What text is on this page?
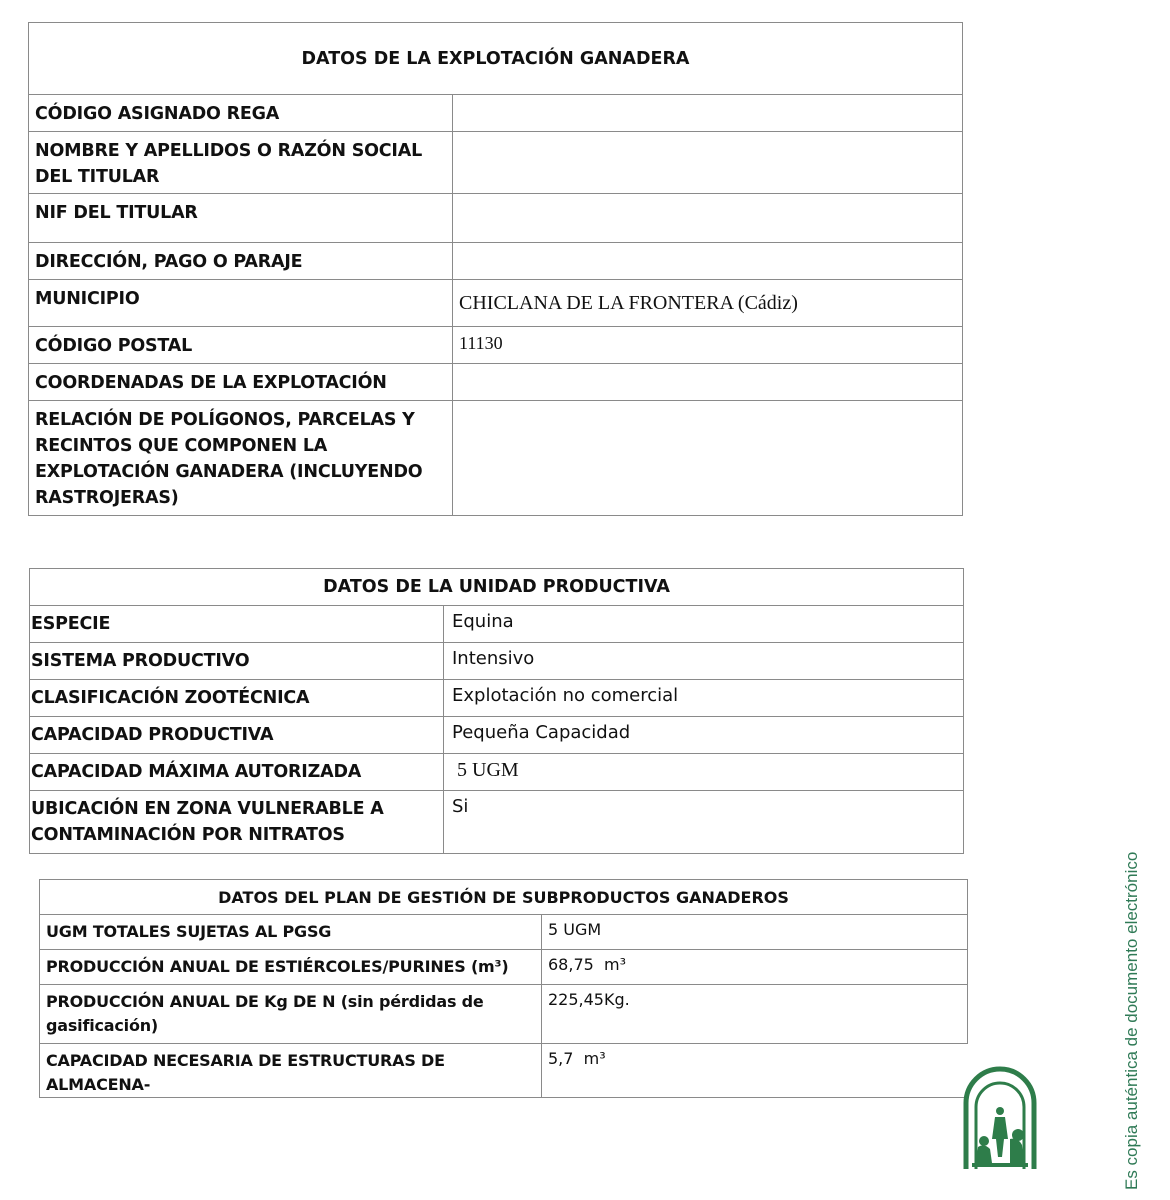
DATOS DE LA EXPLOTACIÓN GANADERA	
CÓDIGO ASIGNADO REGA	
NOMBRE Y APELLIDOS O RAZÓN SOCIAL DEL TITULAR	
NIF DEL TITULAR	
DIRECCIÓN, PAGO O PARAJE	
MUNICIPIO	CHICLANA DE LA FRONTERA (Cádiz)
CÓDIGO POSTAL	11130
COORDENADAS DE LA EXPLOTACIÓN	
RELACIÓN DE POLÍGONOS, PARCELAS Y RECINTOS QUE COMPONEN LA EXPLOTACIÓN GANADERA (INCLUYENDO RASTROJERAS)	
DATOS DE LA UNIDAD PRODUCTIVA	
ESPECIE	Equina
SISTEMA PRODUCTIVO	Intensivo
CLASIFICACIÓN ZOOTÉCNICA	Explotación no comercial
CAPACIDAD PRODUCTIVA	Pequeña Capacidad
CAPACIDAD MÁXIMA AUTORIZADA	5 UGM
UBICACIÓN EN ZONA VULNERABLE A CONTAMINACIÓN POR NITRATOS	Si
DATOS DEL PLAN DE GESTIÓN DE SUBPRODUCTOS GANADEROS	
UGM TOTALES SUJETAS AL PGSG	5 UGM
PRODUCCIÓN ANUAL DE ESTIÉRCOLES/PURINES (m³)	68,75  m³
PRODUCCIÓN ANUAL DE Kg DE N (sin pérdidas de gasificación)	225,45Kg.
CAPACIDAD NECESARIA DE ESTRUCTURAS DE ALMACENA-	5,7  m³	Es copia auténtica de documento electrónico
